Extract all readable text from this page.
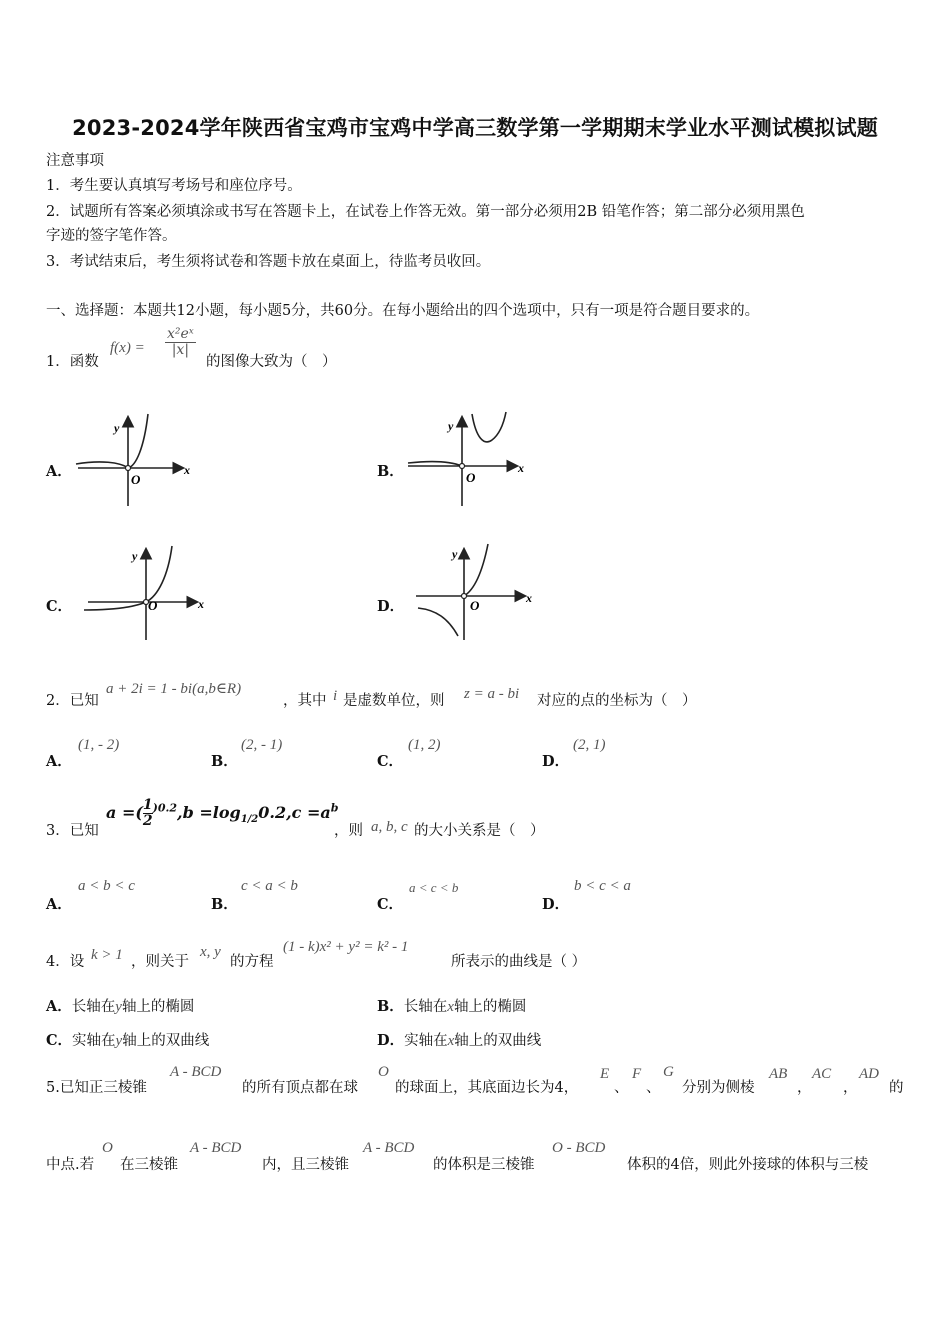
2023-2024学年陕西省宝鸡市宝鸡中学高三数学第一学期期末学业水平测试模拟试题
注意事项
1．考生要认真填写考场号和座位序号。
2．试题所有答案必须填涂或书写在答题卡上，在试卷上作答无效。第一部分必须用2B 铅笔作答；第二部分必须用黑色
字迹的签字笔作答。
3．考试结束后，考生须将试卷和答题卡放在桌面上，待监考员收回。
一、选择题：本题共12小题，每小题5分，共60分。在每小题给出的四个选项中，只有一项是符合题目要求的。
1．函数
$f(x) = \frac{\text{x²eˣ}}{|x|}$
的图像大致为（　）
A．	B．
C．	D．
y
x
O
y
x
O
y
x
O
y
x
O
2．已知
a + 2i = 1 - bi(a,b∈R)
，其中 i 是虚数单位，则 z = a - bi 对应的点的坐标为（　）
A．
(1, - 2)
B．
(2, - 1)
C．
(1, 2)
D．
(2, 1)
3．已知
a =( $\frac{1}{2} ^{)0.2},b =\log_{1/2}0.2,c =a^b$
，则 a, b, c 的大小关系是（　）
A．
a < b < c
B．
c < a < b
C．
a < c < b
D．
b < c < a
4．设 k > 1 ，则关于
x, y
的方程
(1 - k)x² + y² = k² - 1
所表示的曲线是（ ）
A．长轴在y轴上的椭圆	B．长轴在x轴上的椭圆
C．实轴在y轴上的双曲线	D．实轴在x轴上的双曲线
5.已知正三棱锥
A - BCD
的所有顶点都在球
O
的球面上，其底面边长为4，
E
、
F
、
G
分别为侧棱
AB
，
AC
，
AD
的
中点.若
O
在三棱锥
A - BCD
内，且三棱锥
A - BCD
的体积是三棱锥
O - BCD
体积的4倍，则此外接球的体积与三棱
